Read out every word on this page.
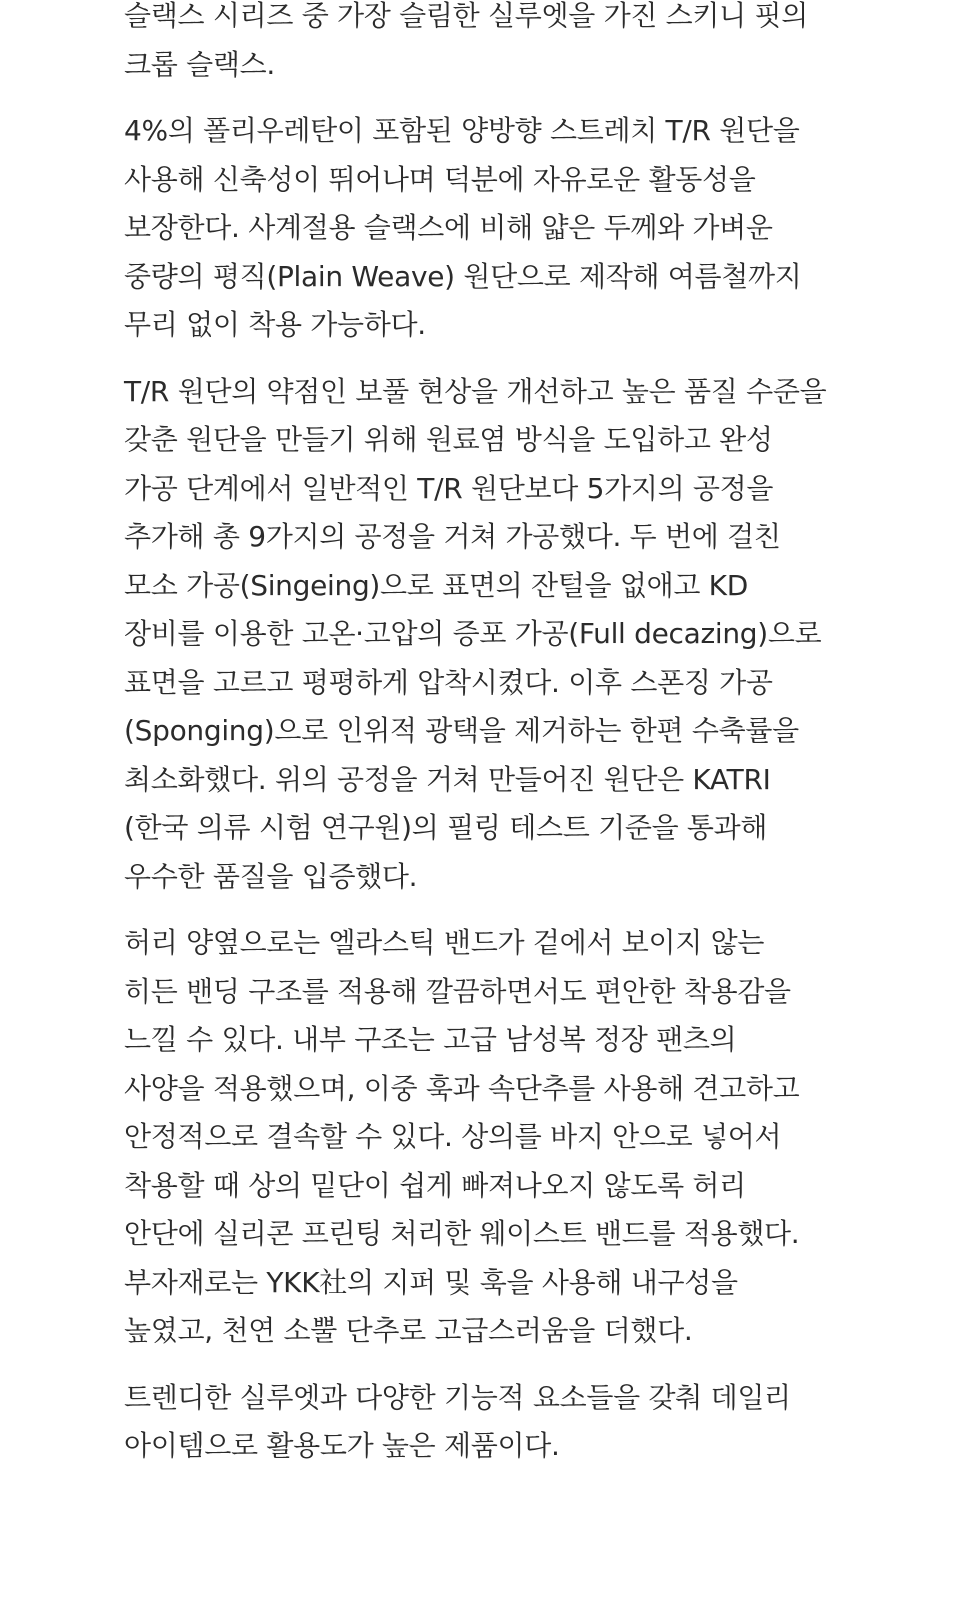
슬랙스 시리즈 중 가장 슬림한 실루엣을 가진 스키니 핏의
크롭 슬랙스.

4%의 폴리우레탄이 포함된 양방향 스트레치 T/R 원단을
사용해 신축성이 뛰어나며 덕분에 자유로운 활동성을
보장한다. 사계절용 슬랙스에 비해 얇은 두께와 가벼운
중량의 평직(Plain Weave) 원단으로 제작해 여름철까지
무리 없이 착용 가능하다.

T/R 원단의 약점인 보풀 현상을 개선하고 높은 품질 수준을
갖춘 원단을 만들기 위해 원료염 방식을 도입하고 완성
가공 단계에서 일반적인 T/R 원단보다 5가지의 공정을
추가해 총 9가지의 공정을 거쳐 가공했다. 두 번에 걸친
모소 가공(Singeing)으로 표면의 잔털을 없애고 KD
장비를 이용한 고온·고압의 증포 가공(Full decazing)으로
표면을 고르고 평평하게 압착시켰다. 이후 스폰징 가공
(Sponging)으로 인위적 광택을 제거하는 한편 수축률을
최소화했다. 위의 공정을 거쳐 만들어진 원단은 KATRI
(한국 의류 시험 연구원)의 필링 테스트 기준을 통과해
우수한 품질을 입증했다.

허리 양옆으로는 엘라스틱 밴드가 겉에서 보이지 않는
히든 밴딩 구조를 적용해 깔끔하면서도 편안한 착용감을
느낄 수 있다. 내부 구조는 고급 남성복 정장 팬츠의
사양을 적용했으며, 이중 훅과 속단추를 사용해 견고하고
안정적으로 결속할 수 있다. 상의를 바지 안으로 넣어서
착용할 때 상의 밑단이 쉽게 빠져나오지 않도록 허리
안단에 실리콘 프린팅 처리한 웨이스트 밴드를 적용했다.
부자재로는 YKK社의 지퍼 및 훅을 사용해 내구성을
높였고, 천연 소뿔 단추로 고급스러움을 더했다.

트렌디한 실루엣과 다양한 기능적 요소들을 갖춰 데일리
아이템으로 활용도가 높은 제품이다.
